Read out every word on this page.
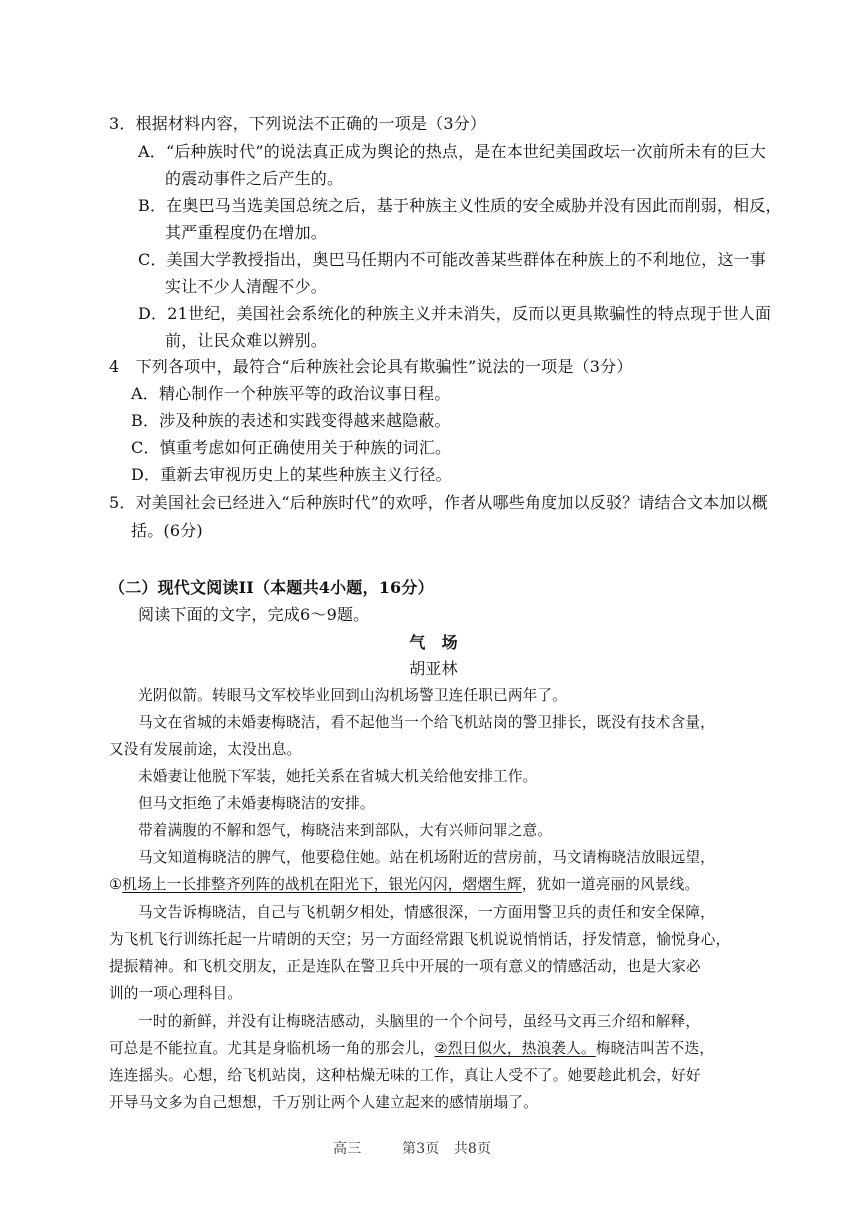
3．根据材料内容，下列说法不正确的一项是（3分）
A．“后种族时代”的说法真正成为舆论的热点，是在本世纪美国政坛一次前所未有的巨大
的震动事件之后产生的。
B．在奥巴马当选美国总统之后，基于种族主义性质的安全威胁并没有因此而削弱，相反，
其严重程度仍在增加。
C．美国大学教授指出，奥巴马任期内不可能改善某些群体在种族上的不利地位，这一事
实让不少人清醒不少。
D．21世纪，美国社会系统化的种族主义并未消失，反而以更具欺骗性的特点现于世人面
前，让民众难以辨别。
4　下列各项中，最符合“后种族社会论具有欺骗性”说法的一项是（3分）
A．精心制作一个种族平等的政治议事日程。
B．涉及种族的表述和实践变得越来越隐蔽。
C．慎重考虑如何正确使用关于种族的词汇。
D．重新去审视历史上的某些种族主义行径。
5．对美国社会已经进入“后种族时代”的欢呼，作者从哪些角度加以反驳？请结合文本加以概
括。(6分)
（二）现代文阅读II（本题共4小题，16分）
阅读下面的文字，完成6～9题。
气　场
胡亚林
光阴似箭。转眼马文军校毕业回到山沟机场警卫连任职已两年了。
马文在省城的未婚妻梅晓洁，看不起他当一个给飞机站岗的警卫排长，既没有技术含量，
又没有发展前途，太没出息。
未婚妻让他脱下军装，她托关系在省城大机关给他安排工作。
但马文拒绝了未婚妻梅晓洁的安排。
带着满腹的不解和怨气，梅晓洁来到部队，大有兴师问罪之意。
马文知道梅晓洁的脾气，他要稳住她。站在机场附近的营房前，马文请梅晓洁放眼远望，
①机场上一长排整齐列阵的战机在阳光下，银光闪闪，熠熠生辉，犹如一道亮丽的风景线。
马文告诉梅晓洁，自己与飞机朝夕相处，情感很深，一方面用警卫兵的责任和安全保障，
为飞机飞行训练托起一片晴朗的天空；另一方面经常跟飞机说说悄悄话，抒发情意，愉悦身心，
提振精神。和飞机交朋友，正是连队在警卫兵中开展的一项有意义的情感活动，也是大家必
训的一项心理科目。
一时的新鲜，并没有让梅晓洁感动，头脑里的一个个问号，虽经马文再三介绍和解释，
可总是不能拉直。尤其是身临机场一角的那会儿，②烈日似火，热浪袭人。梅晓洁叫苦不迭，
连连摇头。心想，给飞机站岗，这种枯燥无味的工作，真让人受不了。她要趁此机会，好好
开导马文多为自己想想，千万别让两个人建立起来的感情崩塌了。
高三	第3页　共8页
